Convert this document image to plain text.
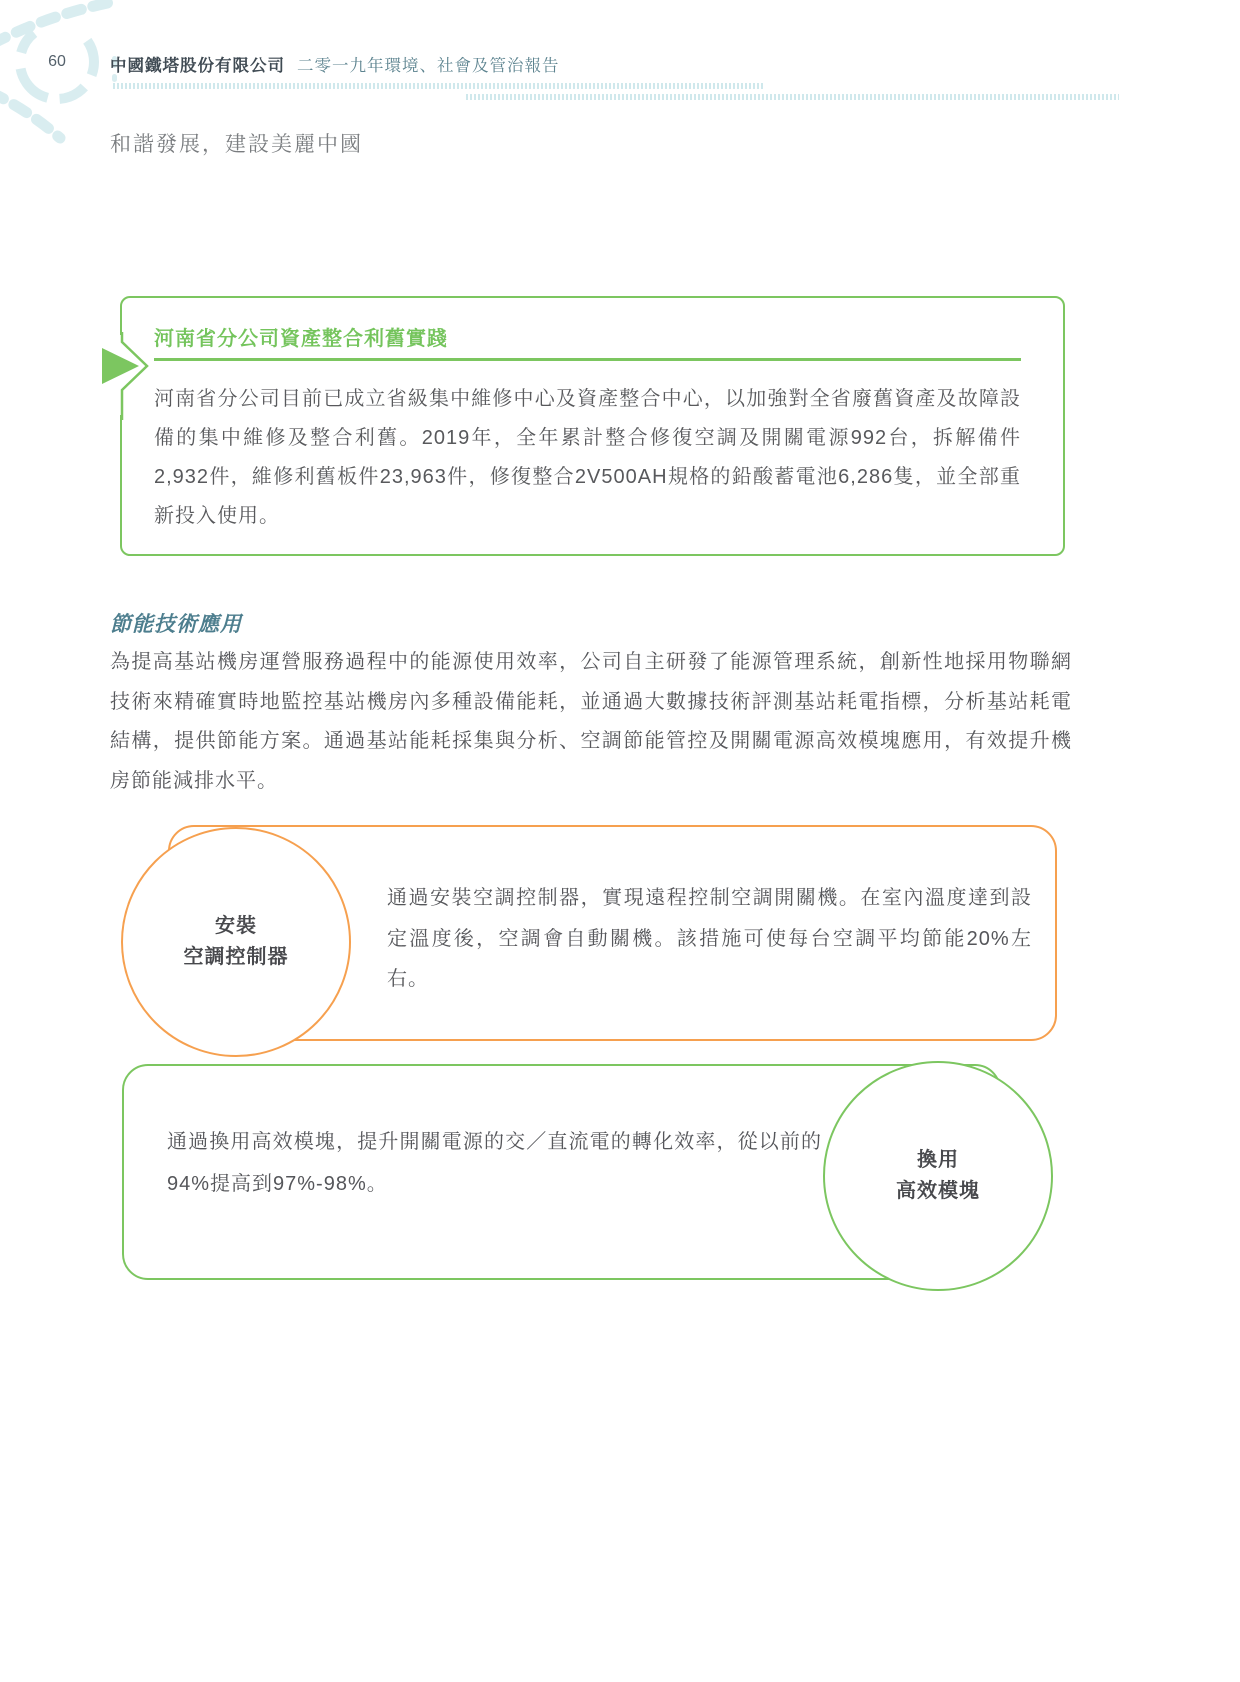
60	中國鐵塔股份有限公司 二零一九年環境、社會及管治報告
和諧發展，建設美麗中國
河南省分公司資產整合利舊實踐
河南省分公司目前已成立省級集中維修中心及資產整合中心，以加強對全省廢舊資產及故障設備的集中維修及整合利舊。2019年，全年累計整合修復空調及開關電源992台，拆解備件2,932件，維修利舊板件23,963件，修復整合2V500AH規格的鉛酸蓄電池6,286隻，並全部重新投入使用。
節能技術應用
為提高基站機房運營服務過程中的能源使用效率，公司自主研發了能源管理系統，創新性地採用物聯網技術來精確實時地監控基站機房內多種設備能耗，並通過大數據技術評測基站耗電指標，分析基站耗電結構，提供節能方案。通過基站能耗採集與分析、空調節能管控及開關電源高效模塊應用，有效提升機房節能減排水平。
安裝
空調控制器
通過安裝空調控制器，實現遠程控制空調開關機。在室內溫度達到設定溫度後，空調會自動關機。該措施可使每台空調平均節能20%左右。
換用
高效模塊
通過換用高效模塊，提升開關電源的交／直流電的轉化效率，從以前的94%提高到97%-98%。
